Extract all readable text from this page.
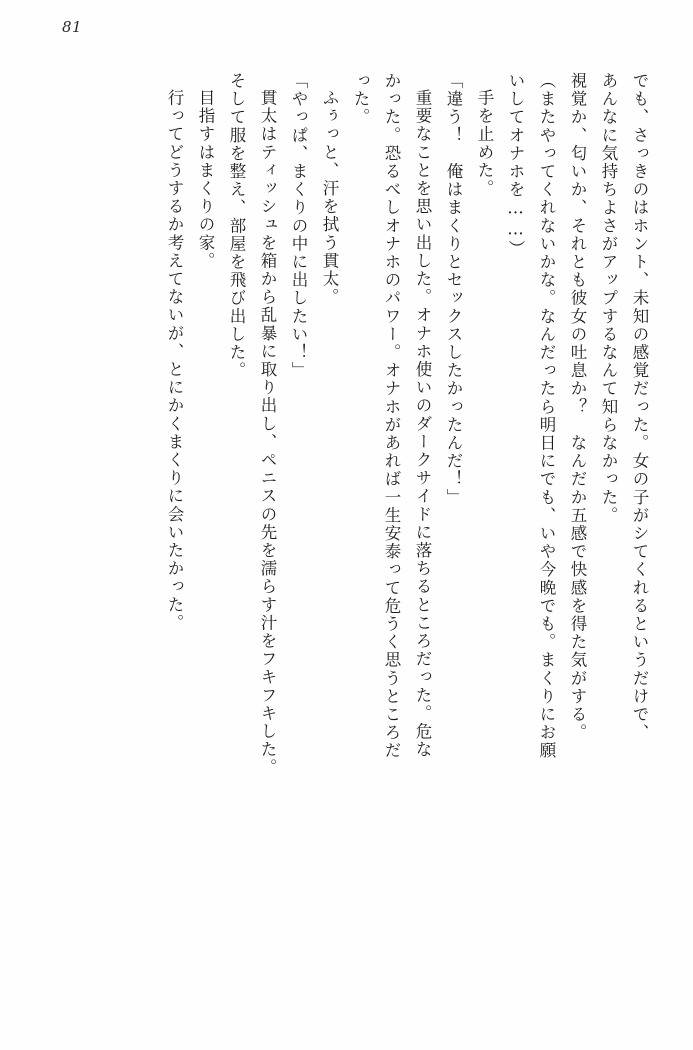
81
でも、さっきのはホント、未知の感覚だった。女の子がシてくれるというだけで、
あんなに気持ちよさがアップするなんて知らなかった。
視覚か、匂いか、それとも彼女の吐息か？　なんだか五感で快感を得た気がする。
（またやってくれないかな。なんだったら明日にでも、いや今晩でも。まくりにお願
いしてオナホを……）
手を止めた。
「違う！　俺はまくりとセックスしたかったんだ！」
重要なことを思い出した。オナホ使いのダークサイドに落ちるところだった。危な
かった。恐るべしオナホのパワー。オナホがあれば一生安泰って危うく思うところだ
った。
ふぅっと、汗を拭う貫太。
「やっぱ、まくりの中に出したい！」
貫太はティッシュを箱から乱暴に取り出し、ペニスの先を濡らす汁をフキフキした。
そして服を整え、部屋を飛び出した。
目指すはまくりの家。
行ってどうするか考えてないが、とにかくまくりに会いたかった。
